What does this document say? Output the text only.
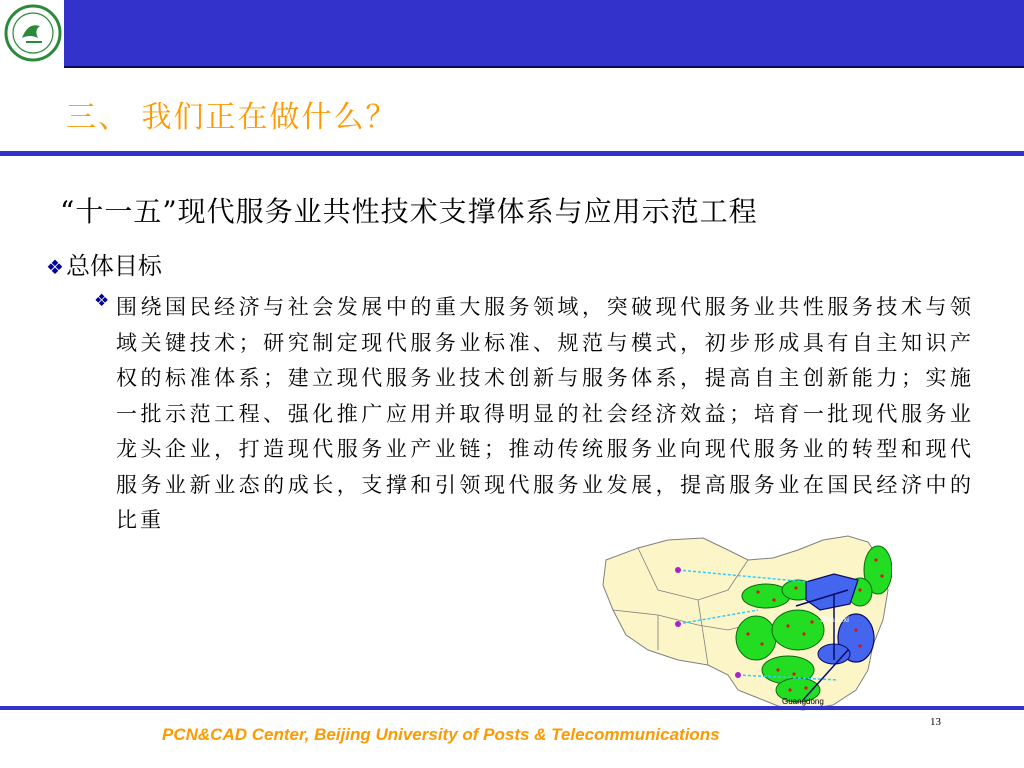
三、 我们正在做什么？
“十一五”现代服务业共性技术支撑体系与应用示范工程
❖总体目标
❖ 围绕国民经济与社会发展中的重大服务领域，突破现代服务业共性服务技术与领域关键技术；研究制定现代服务业标准、规范与模式，初步形成具有自主知识产权的标准体系；建立现代服务业技术创新与服务体系，提高自主创新能力；实施一批示范工程、强化推广应用并取得明显的社会经济效益；培育一批现代服务业龙头企业，打造现代服务业产业链；推动传统服务业向现代服务业的转型和现代服务业新业态的成长，支撑和引领现代服务业发展，提高服务业在国民经济中的比重
Shaanxi
Guangdong
PCN&CAD Center, Beijing University of Posts & Telecommunications
13
